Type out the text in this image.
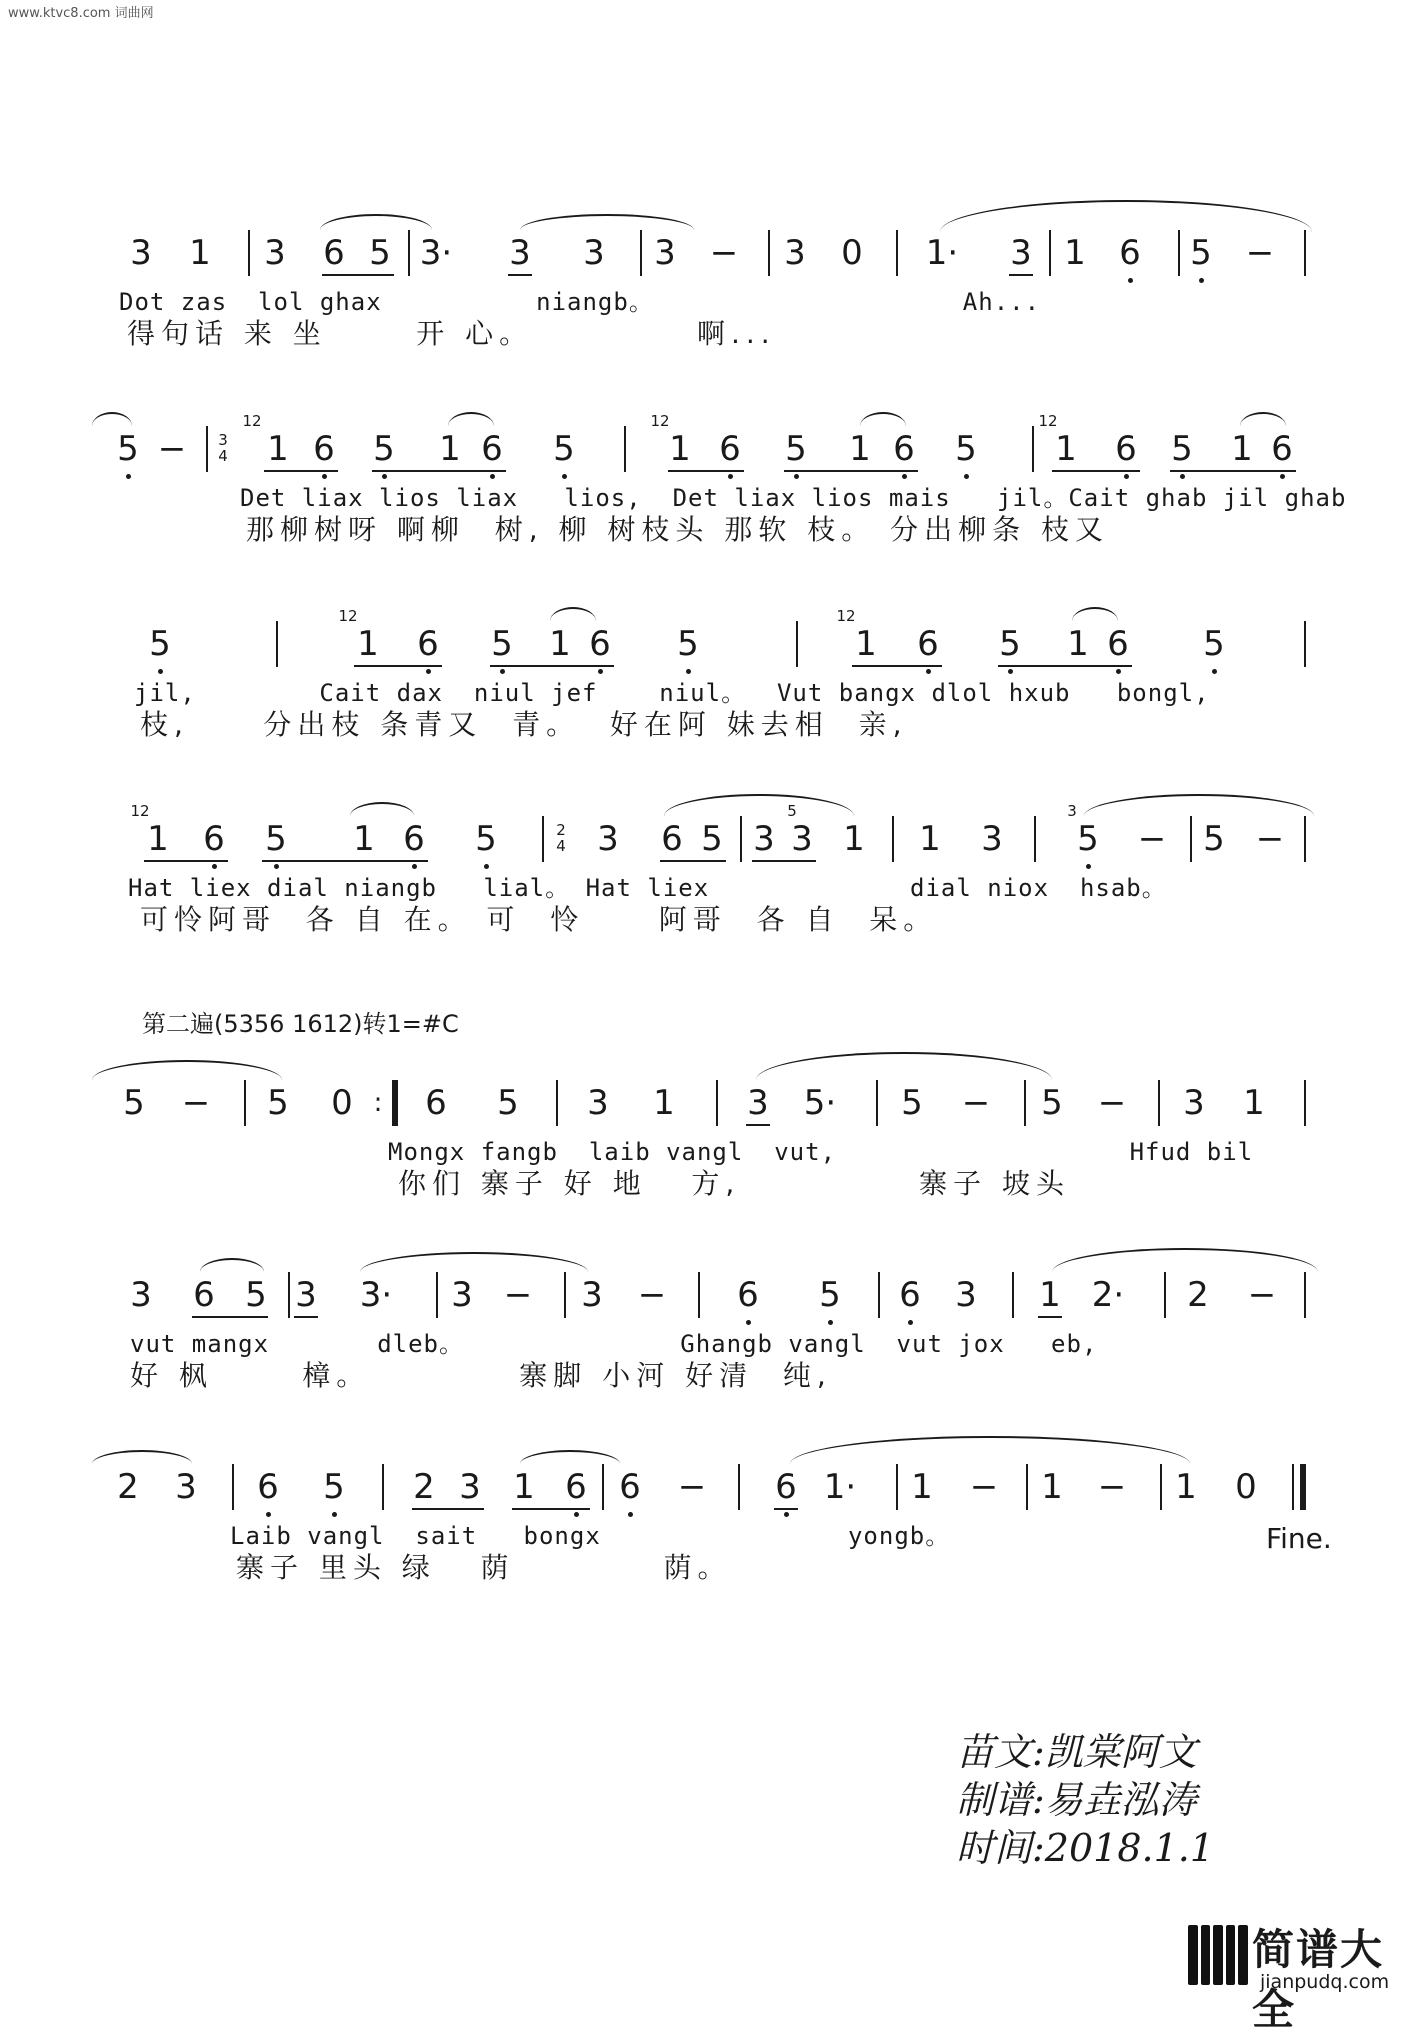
www.ktvc8.com 词曲网
3 1 3 6 5 3· 3 3 3 − 3 0 1· 3 1 6 5 −
Dot zas  lol ghax          niangb。                    Ah...
得句话 来 坐      开 心。           啊...
5 − 3
4
12
1 6 5 1 6 5
12
1 6 5 1 6 5
12
1 6 5 1 6
Det liax lios liax   lios,  Det liax lios mais   jil。Cait ghab jil ghab
那柳树呀 啊柳  树, 柳 树枝头 那软 枝。 分出柳条 枝又
5
12
1 6 5 1 6 5
12
1 6 5 1 6 5
jil,        Cait dax  niul jef    niul。  Vut bangx dlol hxub   bongl,
枝,     分出枝 条青又  青。  好在阿 妹去相  亲,
12
1 6 5 1 6 5	2
4 3 6 5 3
5
3 1 1 3
3
5 − 5 −
Hat liex dial niangb   lial。 Hat liex             dial niox  hsab。
可怜阿哥  各 自 在。 可  怜     阿哥  各 自  呆。
第二遍(5356 1612)转1=#C
5 − 5 0 : 6 5 3 1 3 5· 5 − 5 − 3 1
Mongx fangb  laib vangl  vut,                   Hfud bil
你们 寨子 好 地   方,            寨子 坡头
3 6 5 3 3· 3 − 3 − 6 5 6 3 1 2· 2 −
vut mangx       dleb。              Ghangb vangl  vut jox   eb,
好 枫      樟。          寨脚 小河 好清  纯,
2 3 6 5 2 3 1 6 6 − 6 1· 1 − 1 − 1 0
Laib vangl  sait   bongx                yongb。
寨子 里头 绿   荫          荫。
Fine.
苗文:凯棠阿文
制谱:易垚泓涛
时间:2018.1.1
简谱大全
jianpudq.com
